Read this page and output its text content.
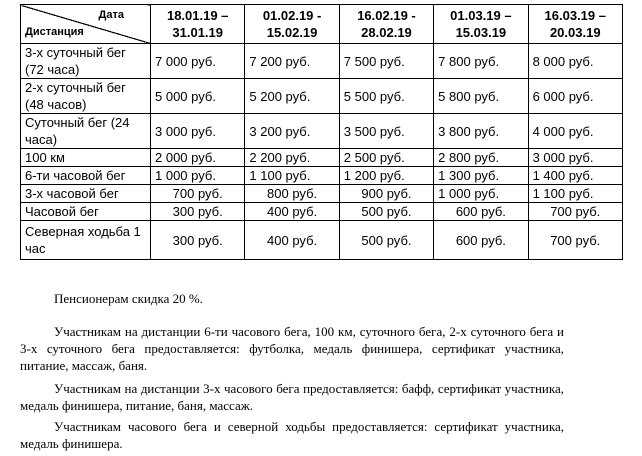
Дата
Дистанция	18.01.19 – 31.01.19	01.02.19 - 15.02.19	16.02.19 - 28.02.19	01.03.19 – 15.03.19	16.03.19 – 20.03.19
3-х суточный бег (72 часа)	7 000 руб.	7 200 руб.	7 500 руб.	7 800 руб.	8 000 руб.
2-х суточный бег (48 часов)	5 000 руб.	5 200 руб.	5 500 руб.	5 800 руб.	6 000 руб.
Суточный бег (24 часа)	3 000 руб.	3 200 руб.	3 500 руб.	3 800 руб.	4 000 руб.
100 км	2 000 руб.	2 200 руб.	2 500 руб.	2 800 руб.	3 000 руб.
6-ти часовой бег	1 000 руб.	1 100 руб.	1 200 руб.	1 300 руб.	1 400 руб.
3-х часовой бег	700 руб.	800 руб.	900 руб.	1 000 руб.	1 100 руб.
Часовой бег	300 руб.	400 руб.	500 руб.	600 руб.	700 руб.
Северная ходьба 1 час	300 руб.	400 руб.	500 руб.	600 руб.	700 руб.
Пенсионерам скидка 20 %.
Участникам на дистанции 6-ти часового бега, 100 км, суточного бега, 2-х суточного бега и 3-х суточного бега предоставляется: футболка, медаль финишера, сертификат участника, питание, массаж, баня.
Участникам на дистанции 3-х часового бега предоставляется: бафф, сертификат участника, медаль финишера, питание, баня, массаж.
Участникам часового бега и северной ходьбы предоставляется: сертификат участника, медаль финишера.
